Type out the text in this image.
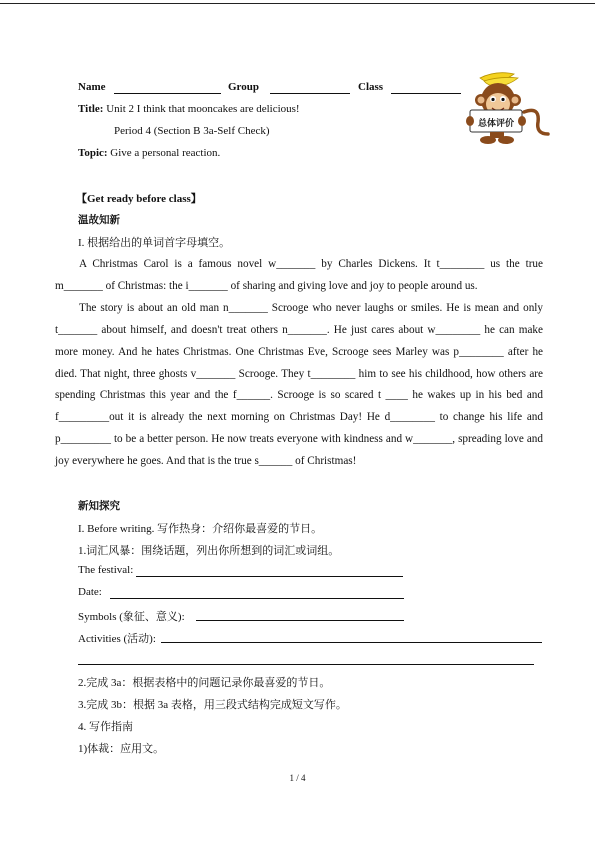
Name	Group	Class
Title: Unit 2 I think that mooncakes are delicious!
Period 4 (Section B 3a-Self Check)
Topic: Give a personal reaction.
总体评价
【Get ready before class】
温故知新
I. 根据给出的单词首字母填空。

A Christmas Carol is a famous novel w_______ by Charles Dickens. It t________ us the true m_______ of Christmas: the i_______ of sharing and giving love and joy to people around us.

The story is about an old man n_______ Scrooge who never laughs or smiles. He is mean and only t_______ about himself, and doesn't treat others n_______. He just cares about w________ he can make more money. And he hates Christmas. One Christmas Eve, Scrooge sees Marley was p________ after he died. That night, three ghosts v_______ Scrooge. They t________ him to see his childhood, how others are spending Christmas this year and the f______. Scrooge is so scared t ____ he wakes up in his bed and f_________out it is already the next morning on Christmas Day! He d________ to change his life and p_________ to be a better person. He now treats everyone with kindness and w_______, spreading love and joy everywhere he goes. And that is the true s______ of Christmas!

新知探究
I. Before writing. 写作热身：介绍你最喜爱的节日。
1.词汇风暴：围绕话题，列出你所想到的词汇或词组。
The festival:
Date:
Symbols (象征、意义):
Activities (活动):
2.完成 3a：根据表格中的问题记录你最喜爱的节日。
3.完成 3b：根据 3a 表格，用三段式结构完成短文写作。
4. 写作指南
1)体裁：应用文。
1 / 4
